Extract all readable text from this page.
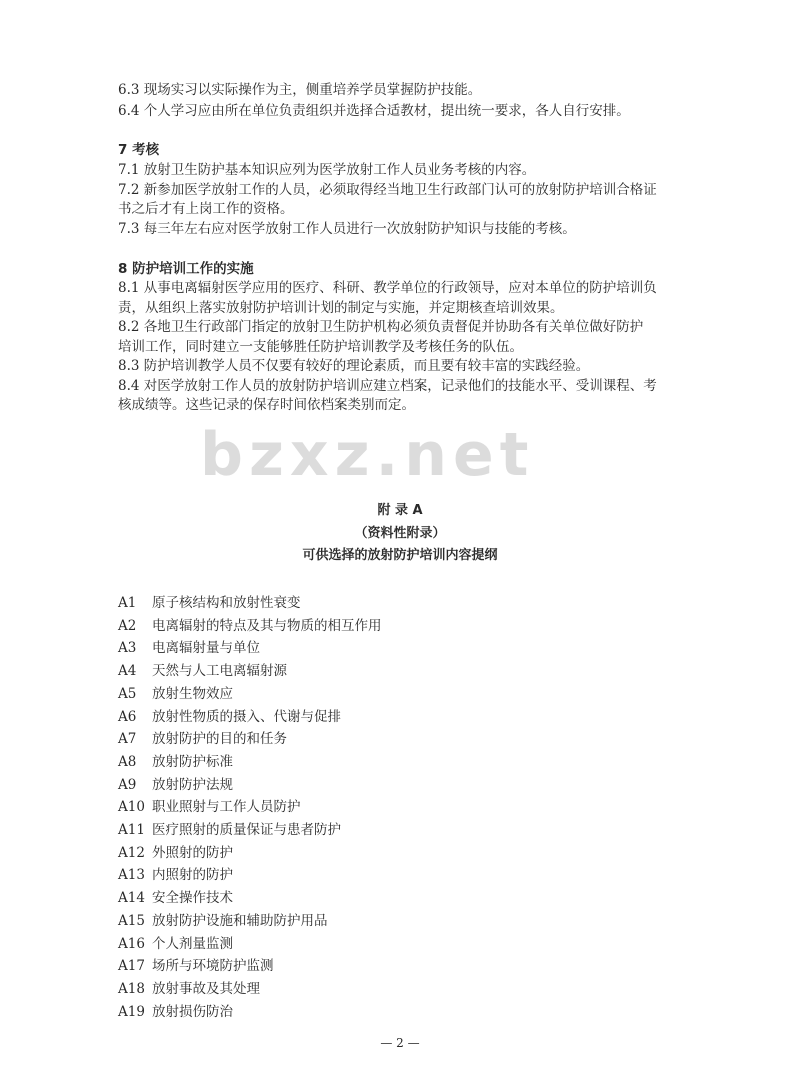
bzxz.net
6.3 现场实习以实际操作为主，侧重培养学员掌握防护技能。
6.4 个人学习应由所在单位负责组织并选择合适教材，提出统一要求，各人自行安排。
7 考核
7.1 放射卫生防护基本知识应列为医学放射工作人员业务考核的内容。
7.2 新参加医学放射工作的人员，必须取得经当地卫生行政部门认可的放射防护培训合格证
书之后才有上岗工作的资格。
7.3 每三年左右应对医学放射工作人员进行一次放射防护知识与技能的考核。
8 防护培训工作的实施
8.1 从事电离辐射医学应用的医疗、科研、教学单位的行政领导，应对本单位的防护培训负
责，从组织上落实放射防护培训计划的制定与实施，并定期核查培训效果。
8.2 各地卫生行政部门指定的放射卫生防护机构必须负责督促并协助各有关单位做好防护
培训工作，同时建立一支能够胜任防护培训教学及考核任务的队伍。
8.3 防护培训教学人员不仅要有较好的理论素质，而且要有较丰富的实践经验。
8.4 对医学放射工作人员的放射防护培训应建立档案，记录他们的技能水平、受训课程、考
核成绩等。这些记录的保存时间依档案类别而定。
附 录 A
（资料性附录）
可供选择的放射防护培训内容提纲
A1 原子核结构和放射性衰变
A2 电离辐射的特点及其与物质的相互作用
A3 电离辐射量与单位
A4 天然与人工电离辐射源
A5 放射生物效应
A6 放射性物质的摄入、代谢与促排
A7 放射防护的目的和任务
A8 放射防护标准
A9 放射防护法规
A10 职业照射与工作人员防护
A11 医疗照射的质量保证与患者防护
A12 外照射的防护
A13 内照射的防护
A14 安全操作技术
A15 放射防护设施和辅助防护用品
A16 个人剂量监测
A17 场所与环境防护监测
A18 放射事故及其处理
A19 放射损伤防治
— 2 —
